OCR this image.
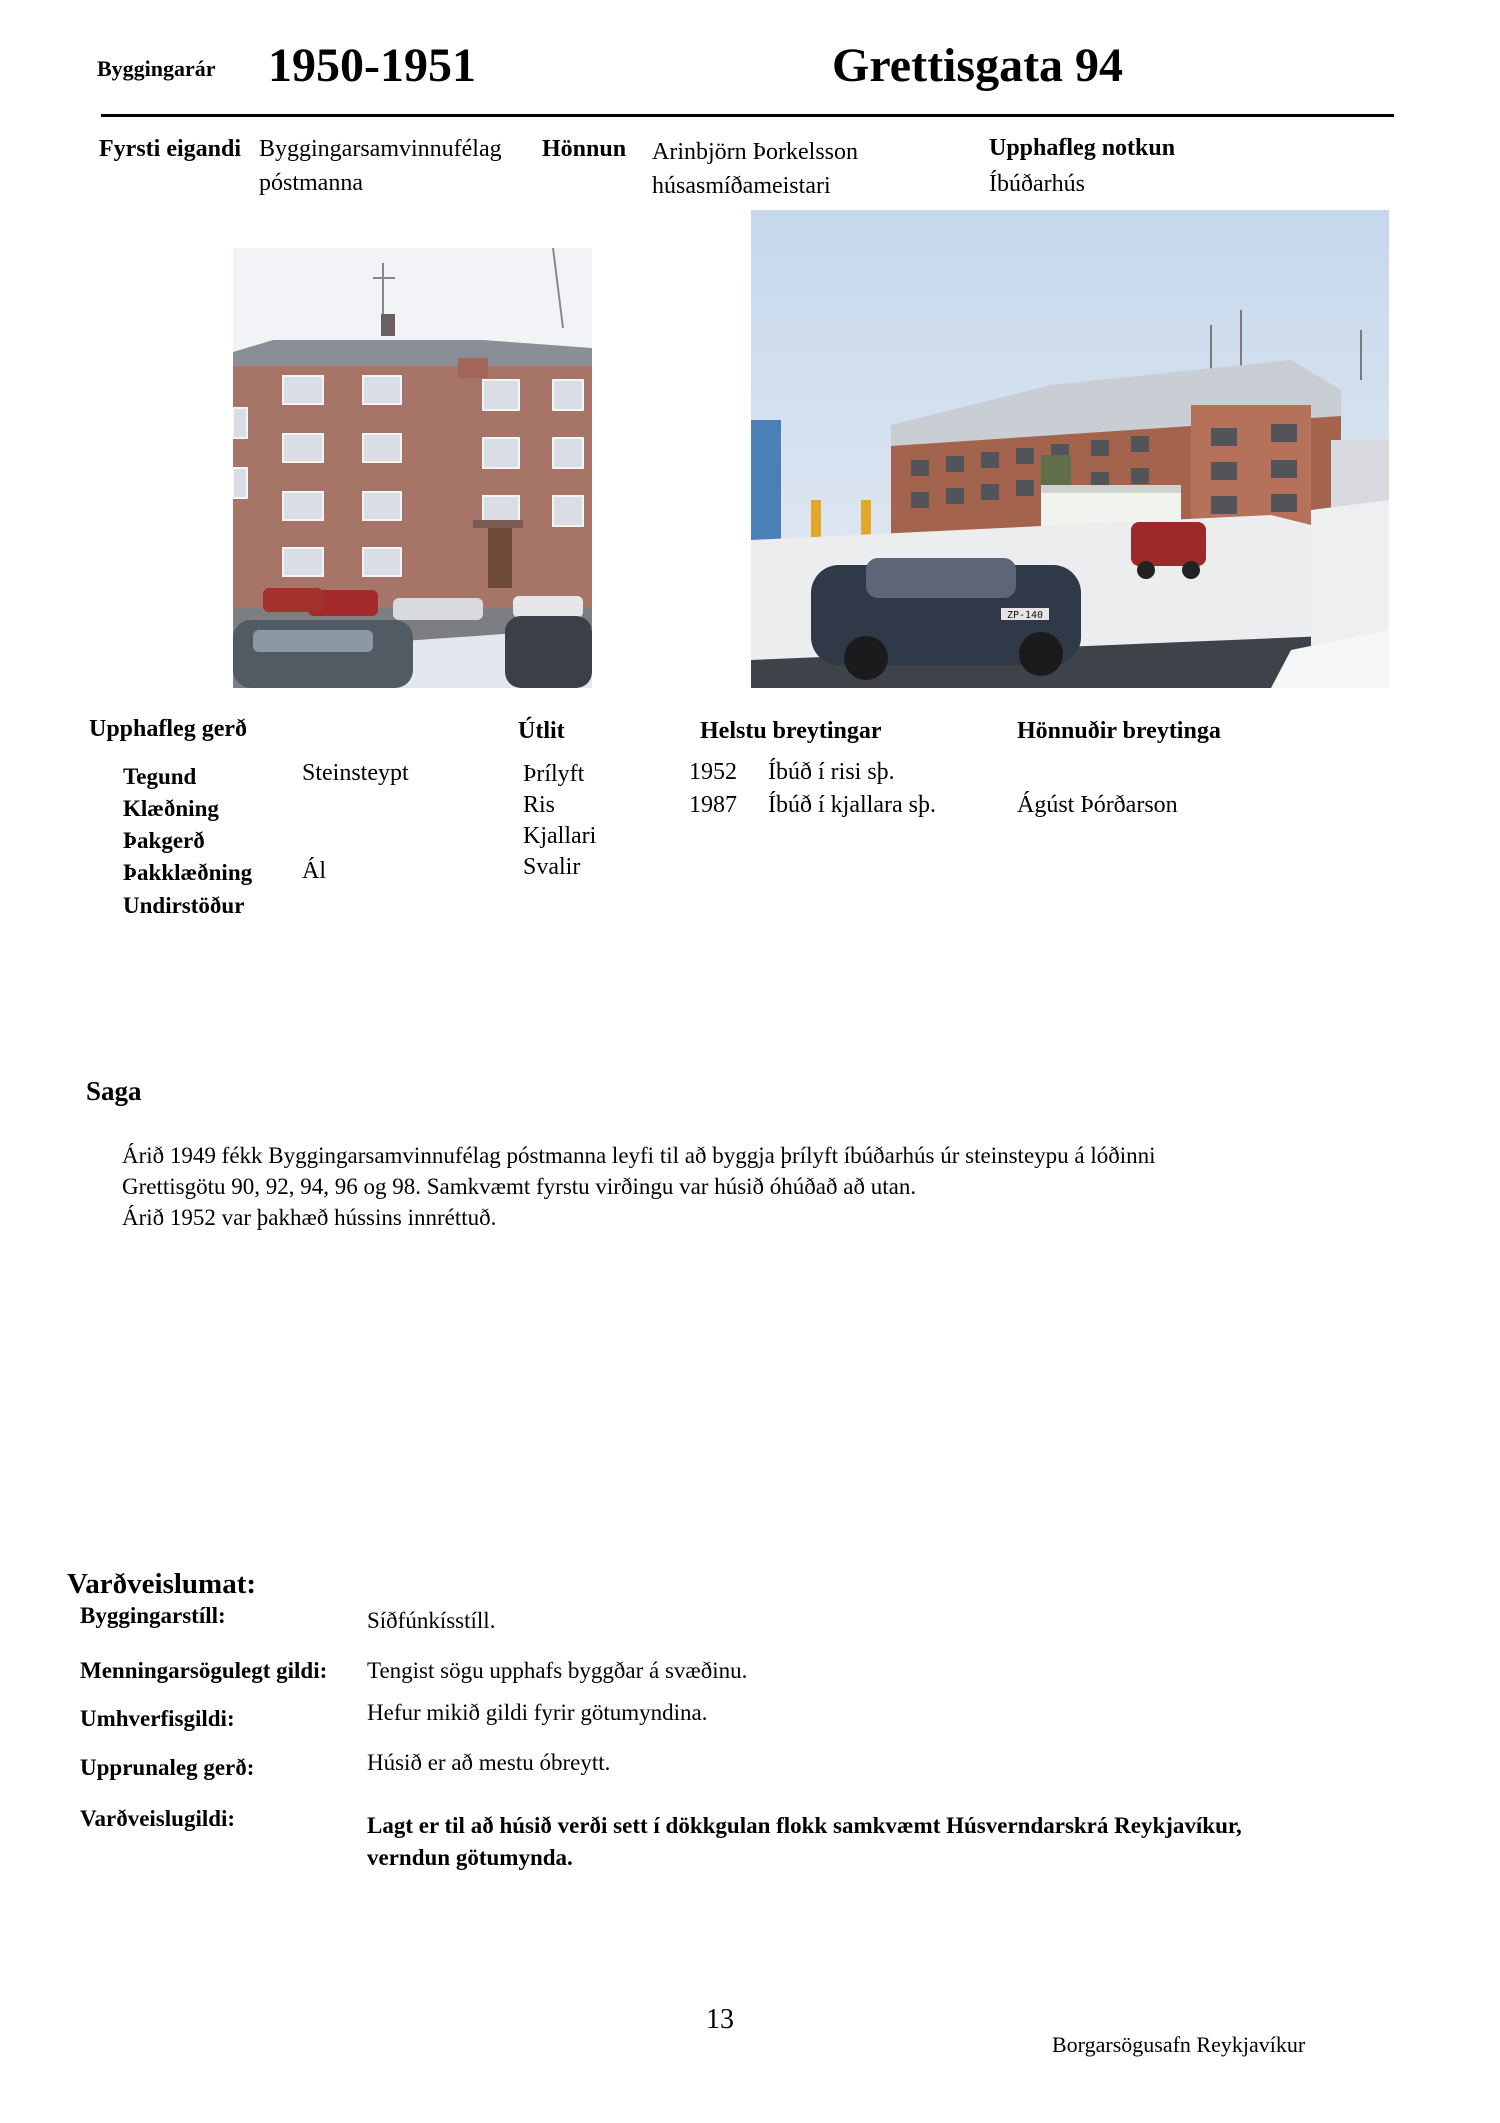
Byggingarár 1950-1951	Grettisgata 94
Fyrsti eigandi Byggingarsamvinnufélag
póstmanna
Hönnun Arinbjörn Þorkelsson
húsasmíðameistari
Upphafleg notkun
Íbúðarhús
ZP-140
Upphafleg gerð
Tegund	Steinsteypt
Klæðning
Þakgerð
Þakklæðning Ál
Undirstöður
Útlit
Þrílyft
Ris
Kjallari
Svalir
Helstu breytingar	Hönnuðir breytinga
1952 Íbúð í risi sþ.
1987 Íbúð í kjallara sþ.	Ágúst Þórðarson
Saga
Árið 1949 fékk Byggingarsamvinnufélag póstmanna leyfi til að byggja þrílyft íbúðarhús úr steinsteypu á lóðinni
Grettisgötu 90, 92, 94, 96 og 98. Samkvæmt fyrstu virðingu var húsið óhúðað að utan.
Árið 1952 var þakhæð hússins innréttuð.
Varðveislumat:
Byggingarstíll:	Síðfúnkísstíll.
Menningarsögulegt gildi: Tengist sögu upphafs byggðar á svæðinu.
Umhverfisgildi:	Hefur mikið gildi fyrir götumyndina.
Upprunaleg gerð:	Húsið er að mestu óbreytt.
Varðveislugildi:	Lagt er til að húsið verði sett í dökkgulan flokk samkvæmt Húsverndarskrá Reykjavíkur,
verndun götumynda.
13
Borgarsögusafn Reykjavíkur
